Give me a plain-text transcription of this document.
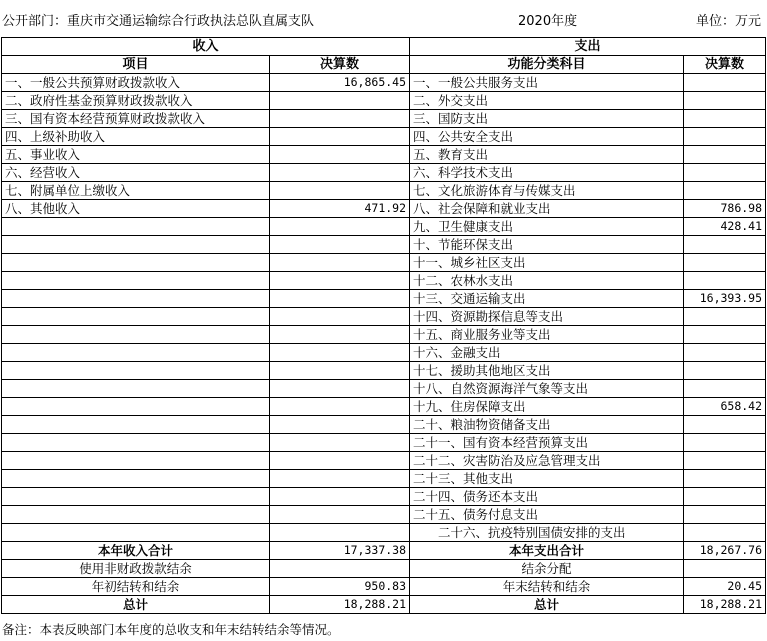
公开部门：重庆市交通运输综合行政执法总队直属支队	2020年度	单位：万元
收入		支出	
项目	决算数	功能分类科目	决算数
一、一般公共预算财政拨款收入	16,865.45	一、一般公共服务支出	
二、政府性基金预算财政拨款收入		二、外交支出	
三、国有资本经营预算财政拨款收入		三、国防支出	
四、上级补助收入		四、公共安全支出	
五、事业收入		五、教育支出	
六、经营收入		六、科学技术支出	
七、附属单位上缴收入		七、文化旅游体育与传媒支出	
八、其他收入	471.92	八、社会保障和就业支出	786.98
		九、卫生健康支出	428.41
		十、节能环保支出	
		十一、城乡社区支出	
		十二、农林水支出	
		十三、交通运输支出	16,393.95
		十四、资源勘探信息等支出	
		十五、商业服务业等支出	
		十六、金融支出	
		十七、援助其他地区支出	
		十八、自然资源海洋气象等支出	
		十九、住房保障支出	658.42
		二十、粮油物资储备支出	
		二十一、国有资本经营预算支出	
		二十二、灾害防治及应急管理支出	
		二十三、其他支出	
		二十四、债务还本支出	
		二十五、债务付息支出	
		二十六、抗疫特别国债安排的支出	
本年收入合计	17,337.38	本年支出合计	18,267.76
使用非财政拨款结余		结余分配	
年初结转和结余	950.83	年末结转和结余	20.45
总计	18,288.21	总计	18,288.21
备注：本表反映部门本年度的总收支和年末结转结余等情况。
